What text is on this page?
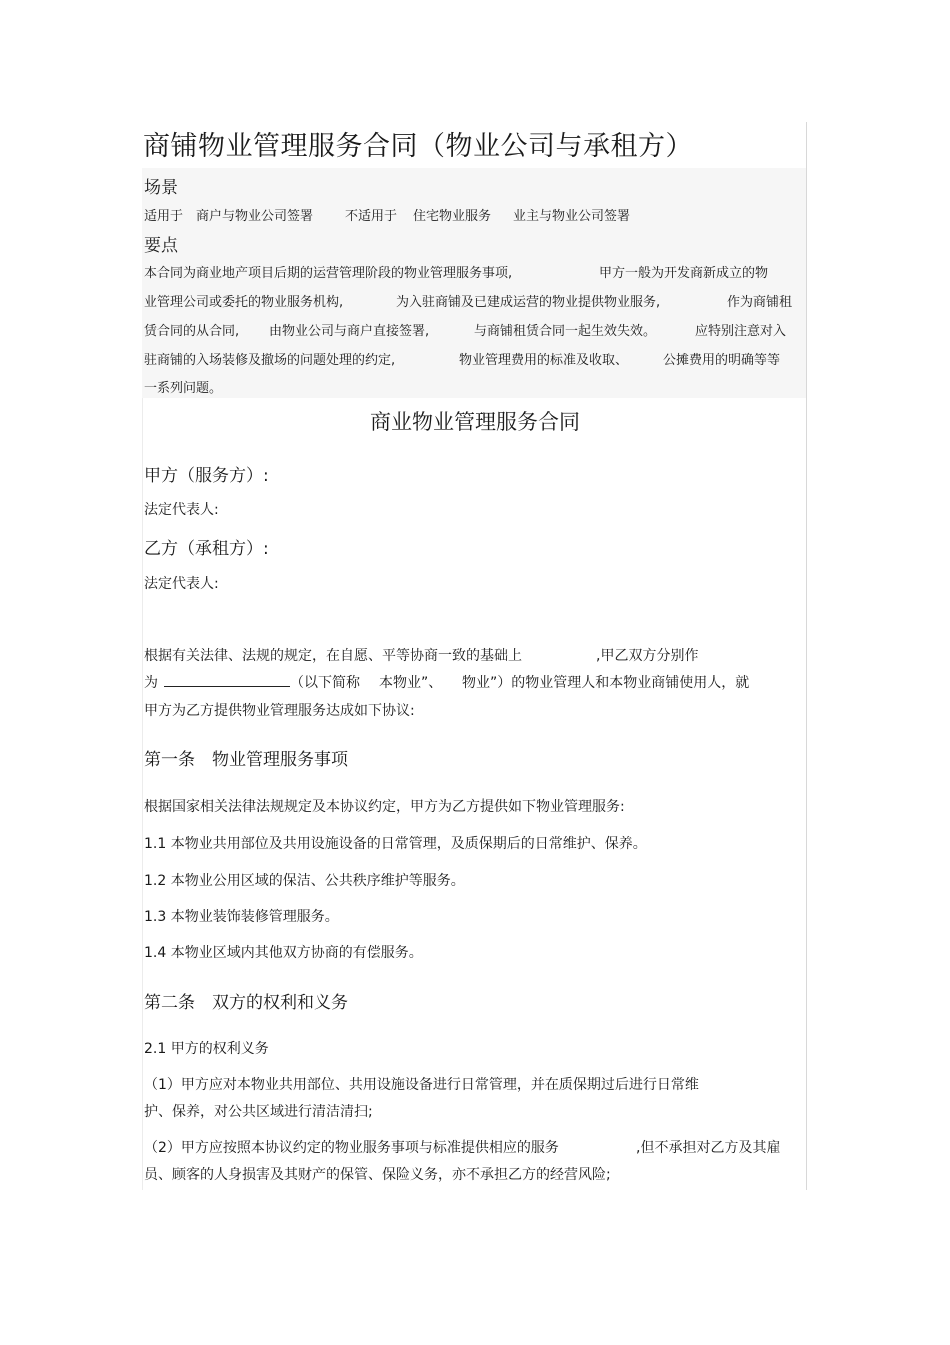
商铺物业管理服务合同（物业公司与承租方）
场景
适用于 商户与物业公司签署 不适用于 住宅物业服务 业主与物业公司签署
要点
本合同为商业地产项目后期的运营管理阶段的物业管理服务事项,	甲方一般为开发商新成立的物
业管理公司或委托的物业服务机构,	为入驻商铺及已建成运营的物业提供物业服务,	作为商铺租
赁合同的从合同, 由物业公司与商户直接签署,	与商铺租赁合同一起生效失效。	应特别注意对入
驻商铺的入场装修及撤场的问题处理的约定,	物业管理费用的标准及收取、	公摊费用的明确等等
一系列问题。
商业物业管理服务合同
甲方（服务方）:
法定代表人:
乙方（承租方）:
法定代表人:
根据有关法律、法规的规定，在自愿、平等协商一致的基础上	,甲乙双方分别作
为	（以下简称 本物业”、 物业”）的物业管理人和本物业商铺使用人，就
甲方为乙方提供物业管理服务达成如下协议:
第一条　物业管理服务事项
根据国家相关法律法规规定及本协议约定，甲方为乙方提供如下物业管理服务:
1.1 本物业共用部位及共用设施设备的日常管理，及质保期后的日常维护、保养。
1.2 本物业公用区域的保洁、公共秩序维护等服务。
1.3 本物业装饰装修管理服务。
1.4 本物业区域内其他双方协商的有偿服务。
第二条　双方的权利和义务
2.1 甲方的权利义务
（1）甲方应对本物业共用部位、共用设施设备进行日常管理，并在质保期过后进行日常维
护、保养，对公共区域进行清洁清扫;
（2）甲方应按照本协议约定的物业服务事项与标准提供相应的服务	,但不承担对乙方及其雇
员、顾客的人身损害及其财产的保管、保险义务，亦不承担乙方的经营风险;
